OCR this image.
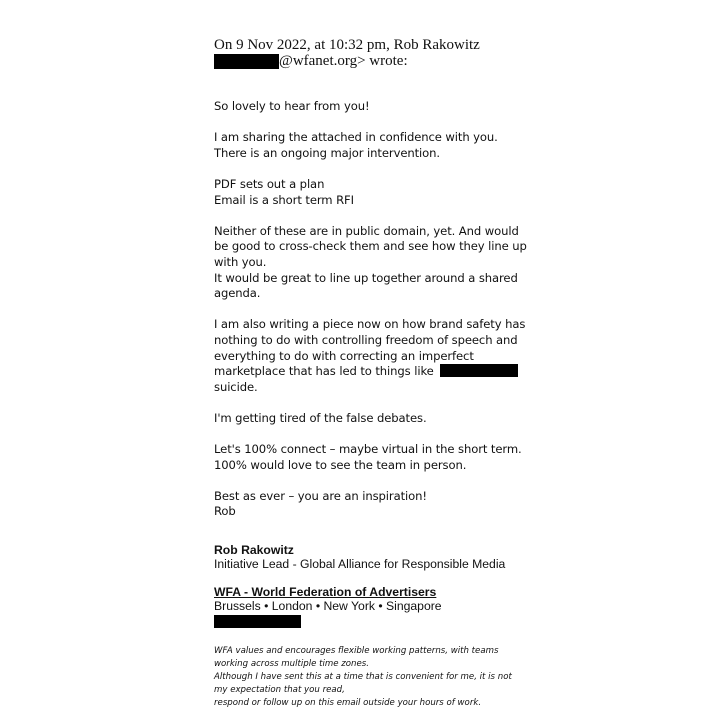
On 9 Nov 2022, at 10:32 pm, Rob Rakowitz
@wfanet.org> wrote:
So lovely to hear from you!
I am sharing the attached in confidence with you.
There is an ongoing major intervention.
PDF sets out a plan
Email is a short term RFI
Neither of these are in public domain, yet. And would
be good to cross-check them and see how they line up
with you.
It would be great to line up together around a shared
agenda.
I am also writing a piece now on how brand safety has
nothing to do with controlling freedom of speech and
everything to do with correcting an imperfect
marketplace that has led to things like
suicide.
I'm getting tired of the false debates.
Let's 100% connect – maybe virtual in the short term.
100% would love to see the team in person.
Best as ever – you are an inspiration!
Rob
Rob Rakowitz
Initiative Lead - Global Alliance for Responsible Media
WFA - World Federation of Advertisers
Brussels • London • New York • Singapore
WFA values and encourages flexible working patterns, with teams
working across multiple time zones.
Although I have sent this at a time that is convenient for me, it is not
my expectation that you read,
respond or follow up on this email outside your hours of work.
